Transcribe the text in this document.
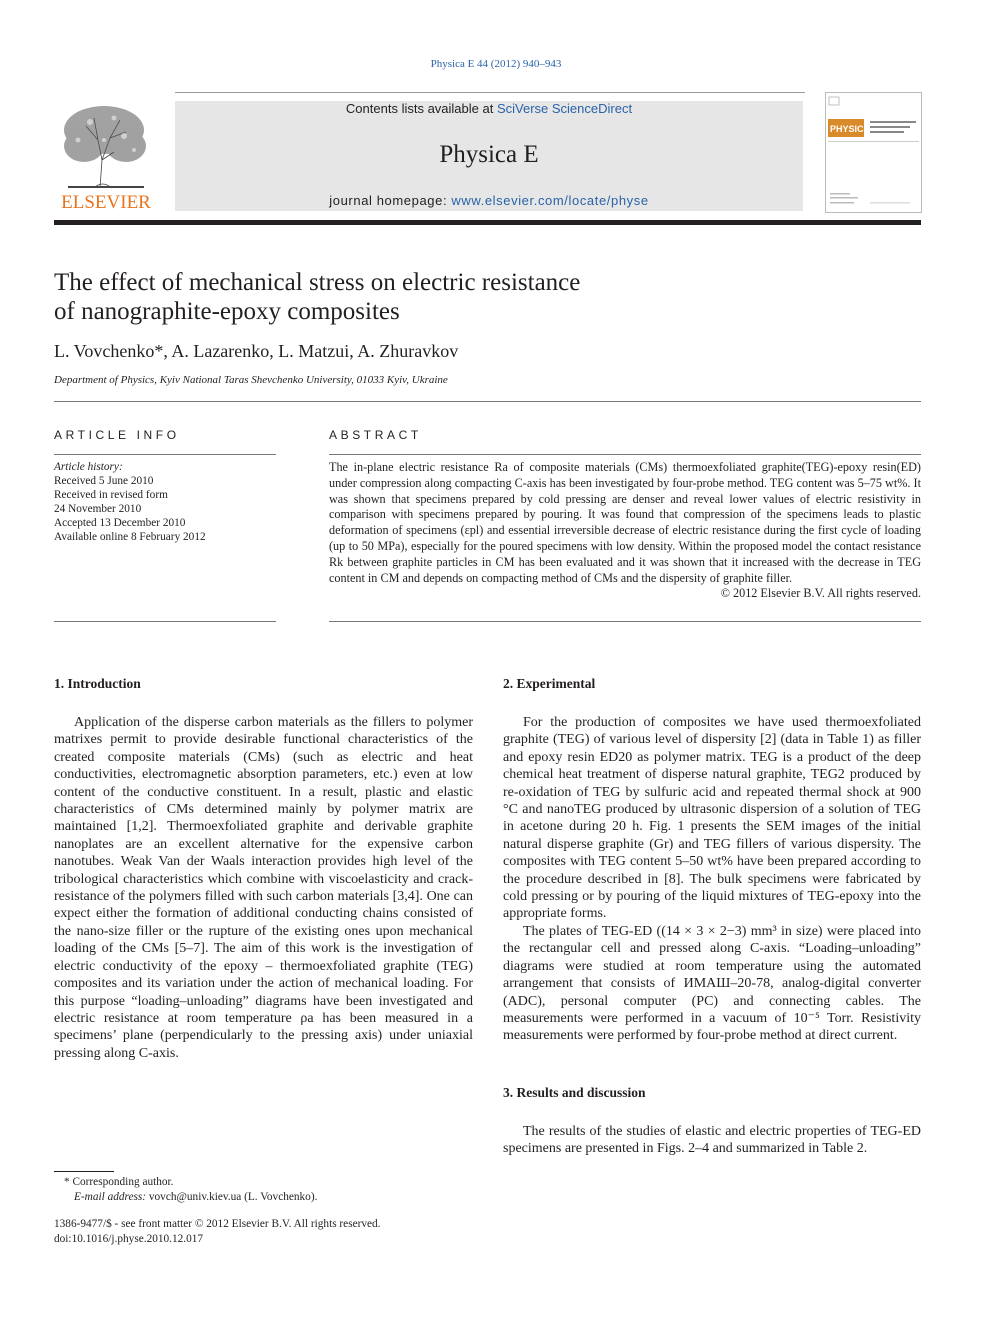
Physica E 44 (2012) 940–943
ELSEVIER
Contents lists available at SciVerse ScienceDirect
Physica E
journal homepage: www.elsevier.com/locate/physe
PHYSICA
The effect of mechanical stress on electric resistance
of nanographite-epoxy composites
L. Vovchenko*, A. Lazarenko, L. Matzui, A. Zhuravkov
Department of Physics, Kyiv National Taras Shevchenko University, 01033 Kyiv, Ukraine
ARTICLE INFO	ABSTRACT
Article history:
Received 5 June 2010
Received in revised form
24 November 2010
Accepted 13 December 2010
Available online 8 February 2012
The in-plane electric resistance Ra of composite materials (CMs) thermoexfoliated graphite(TEG)-epoxy resin(ED) under compression along compacting C-axis has been investigated by four-probe method. TEG content was 5–75 wt%. It was shown that specimens prepared by cold pressing are denser and reveal lower values of electric resistivity in comparison with specimens prepared by pouring. It was found that compression of the specimens leads to plastic deformation of specimens (εpl) and essential irreversible decrease of electric resistance during the first cycle of loading (up to 50 MPa), especially for the poured specimens with low density. Within the proposed model the contact resistance Rk between graphite particles in CM has been evaluated and it was shown that it increased with the decrease in TEG content in CM and depends on compacting method of CMs and the dispersity of graphite filler.
© 2012 Elsevier B.V. All rights reserved.
1. Introduction

Application of the disperse carbon materials as the fillers to polymer matrixes permit to provide desirable functional characteristics of the created composite materials (CMs) (such as electric and heat conductivities, electromagnetic absorption parameters, etc.) even at low content of the conductive constituent. In a result, plastic and elastic characteristics of CMs determined mainly by polymer matrix are maintained [1,2]. Thermoexfoliated graphite and derivable graphite nanoplates are an excellent alternative for the expensive carbon nanotubes. Weak Van der Waals interaction provides high level of the tribological characteristics which combine with viscoelasticity and crack-resistance of the polymers filled with such carbon materials [3,4]. One can expect either the formation of additional conducting chains consisted of the nano-size filler or the rupture of the existing ones upon mechanical loading of the CMs [5–7]. The aim of this work is the investigation of electric conductivity of the epoxy – thermoexfoliated graphite (TEG) composites and its variation under the action of mechanical loading. For this purpose “loading–unloading” diagrams have been investigated and electric resistance at room temperature ρa has been measured in a specimens’ plane (perpendicularly to the pressing axis) under uniaxial pressing along C-axis.

2. Experimental

For the production of composites we have used thermoexfoliated graphite (TEG) of various level of dispersity [2] (data in Table 1) as filler and epoxy resin ED20 as polymer matrix. TEG is a product of the deep chemical heat treatment of disperse natural graphite, TEG2 produced by re-oxidation of TEG by sulfuric acid and repeated thermal shock at 900 °C and nanoTEG produced by ultrasonic dispersion of a solution of TEG in acetone during 20 h. Fig. 1 presents the SEM images of the initial natural disperse graphite (Gr) and TEG fillers of various dispersity. The composites with TEG content 5–50 wt% have been prepared according to the procedure described in [8]. The bulk specimens were fabricated by cold pressing or by pouring of the liquid mixtures of TEG-epoxy into the appropriate forms.

The plates of TEG-ED ((14 × 3 × 2−3) mm³ in size) were placed into the rectangular cell and pressed along C-axis. “Loading–unloading” diagrams were studied at room temperature using the automated arrangement that consists of ИМАШ–20-78, analog-digital converter (ADC), personal computer (PC) and connecting cables. The measurements were performed in a vacuum of 10⁻⁵ Torr. Resistivity measurements were performed by four-probe method at direct current.

3. Results and discussion

The results of the studies of elastic and electric properties of TEG-ED specimens are presented in Figs. 2–4 and summarized in Table 2.

* Corresponding author.
E-mail address: vovch@univ.kiev.ua (L. Vovchenko).
1386-9477/$ - see front matter © 2012 Elsevier B.V. All rights reserved.
doi:10.1016/j.physe.2010.12.017
